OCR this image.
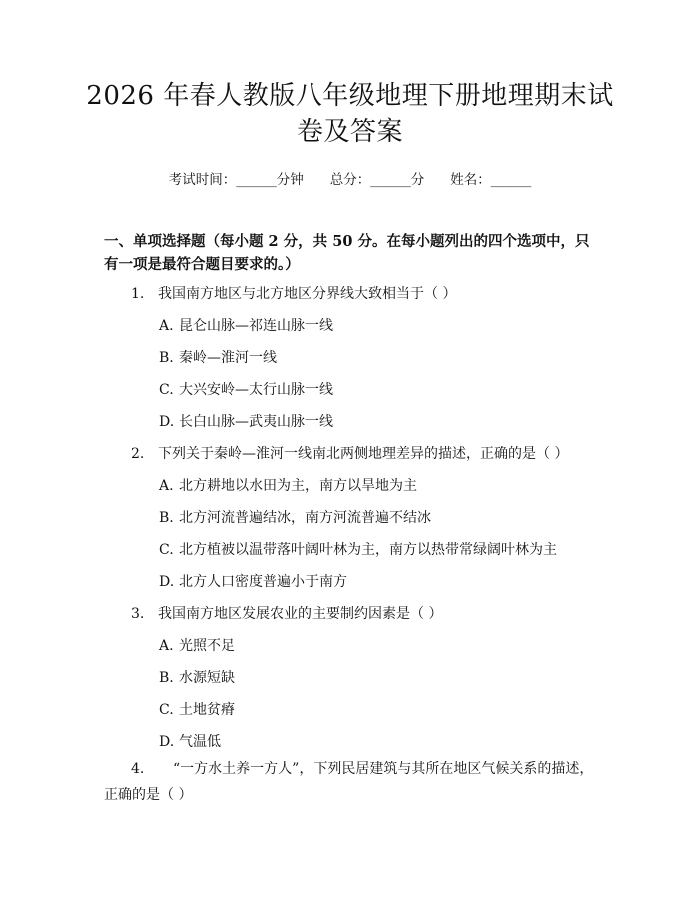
2026 年春人教版八年级地理下册地理期末试
卷及答案
考试时间：______分钟 总分：______分 姓名：______
一、单项选择题（每小题 2 分，共 50 分。在每小题列出的四个选项中，只有一项是最符合题目要求的。）
1. 我国南方地区与北方地区分界线大致相当于（ ）
A. 昆仑山脉—祁连山脉一线
B. 秦岭—淮河一线
C. 大兴安岭—太行山脉一线
D. 长白山脉—武夷山脉一线
2. 下列关于秦岭—淮河一线南北两侧地理差异的描述，正确的是（ ）
A. 北方耕地以水田为主，南方以旱地为主
B. 北方河流普遍结冰，南方河流普遍不结冰
C. 北方植被以温带落叶阔叶林为主，南方以热带常绿阔叶林为主
D. 北方人口密度普遍小于南方
3. 我国南方地区发展农业的主要制约因素是（ ）
A. 光照不足
B. 水源短缺
C. 土地贫瘠
D. 气温低
4. “一方水土养一方人”，下列民居建筑与其所在地区气候关系的描述，正确的是（ ）
